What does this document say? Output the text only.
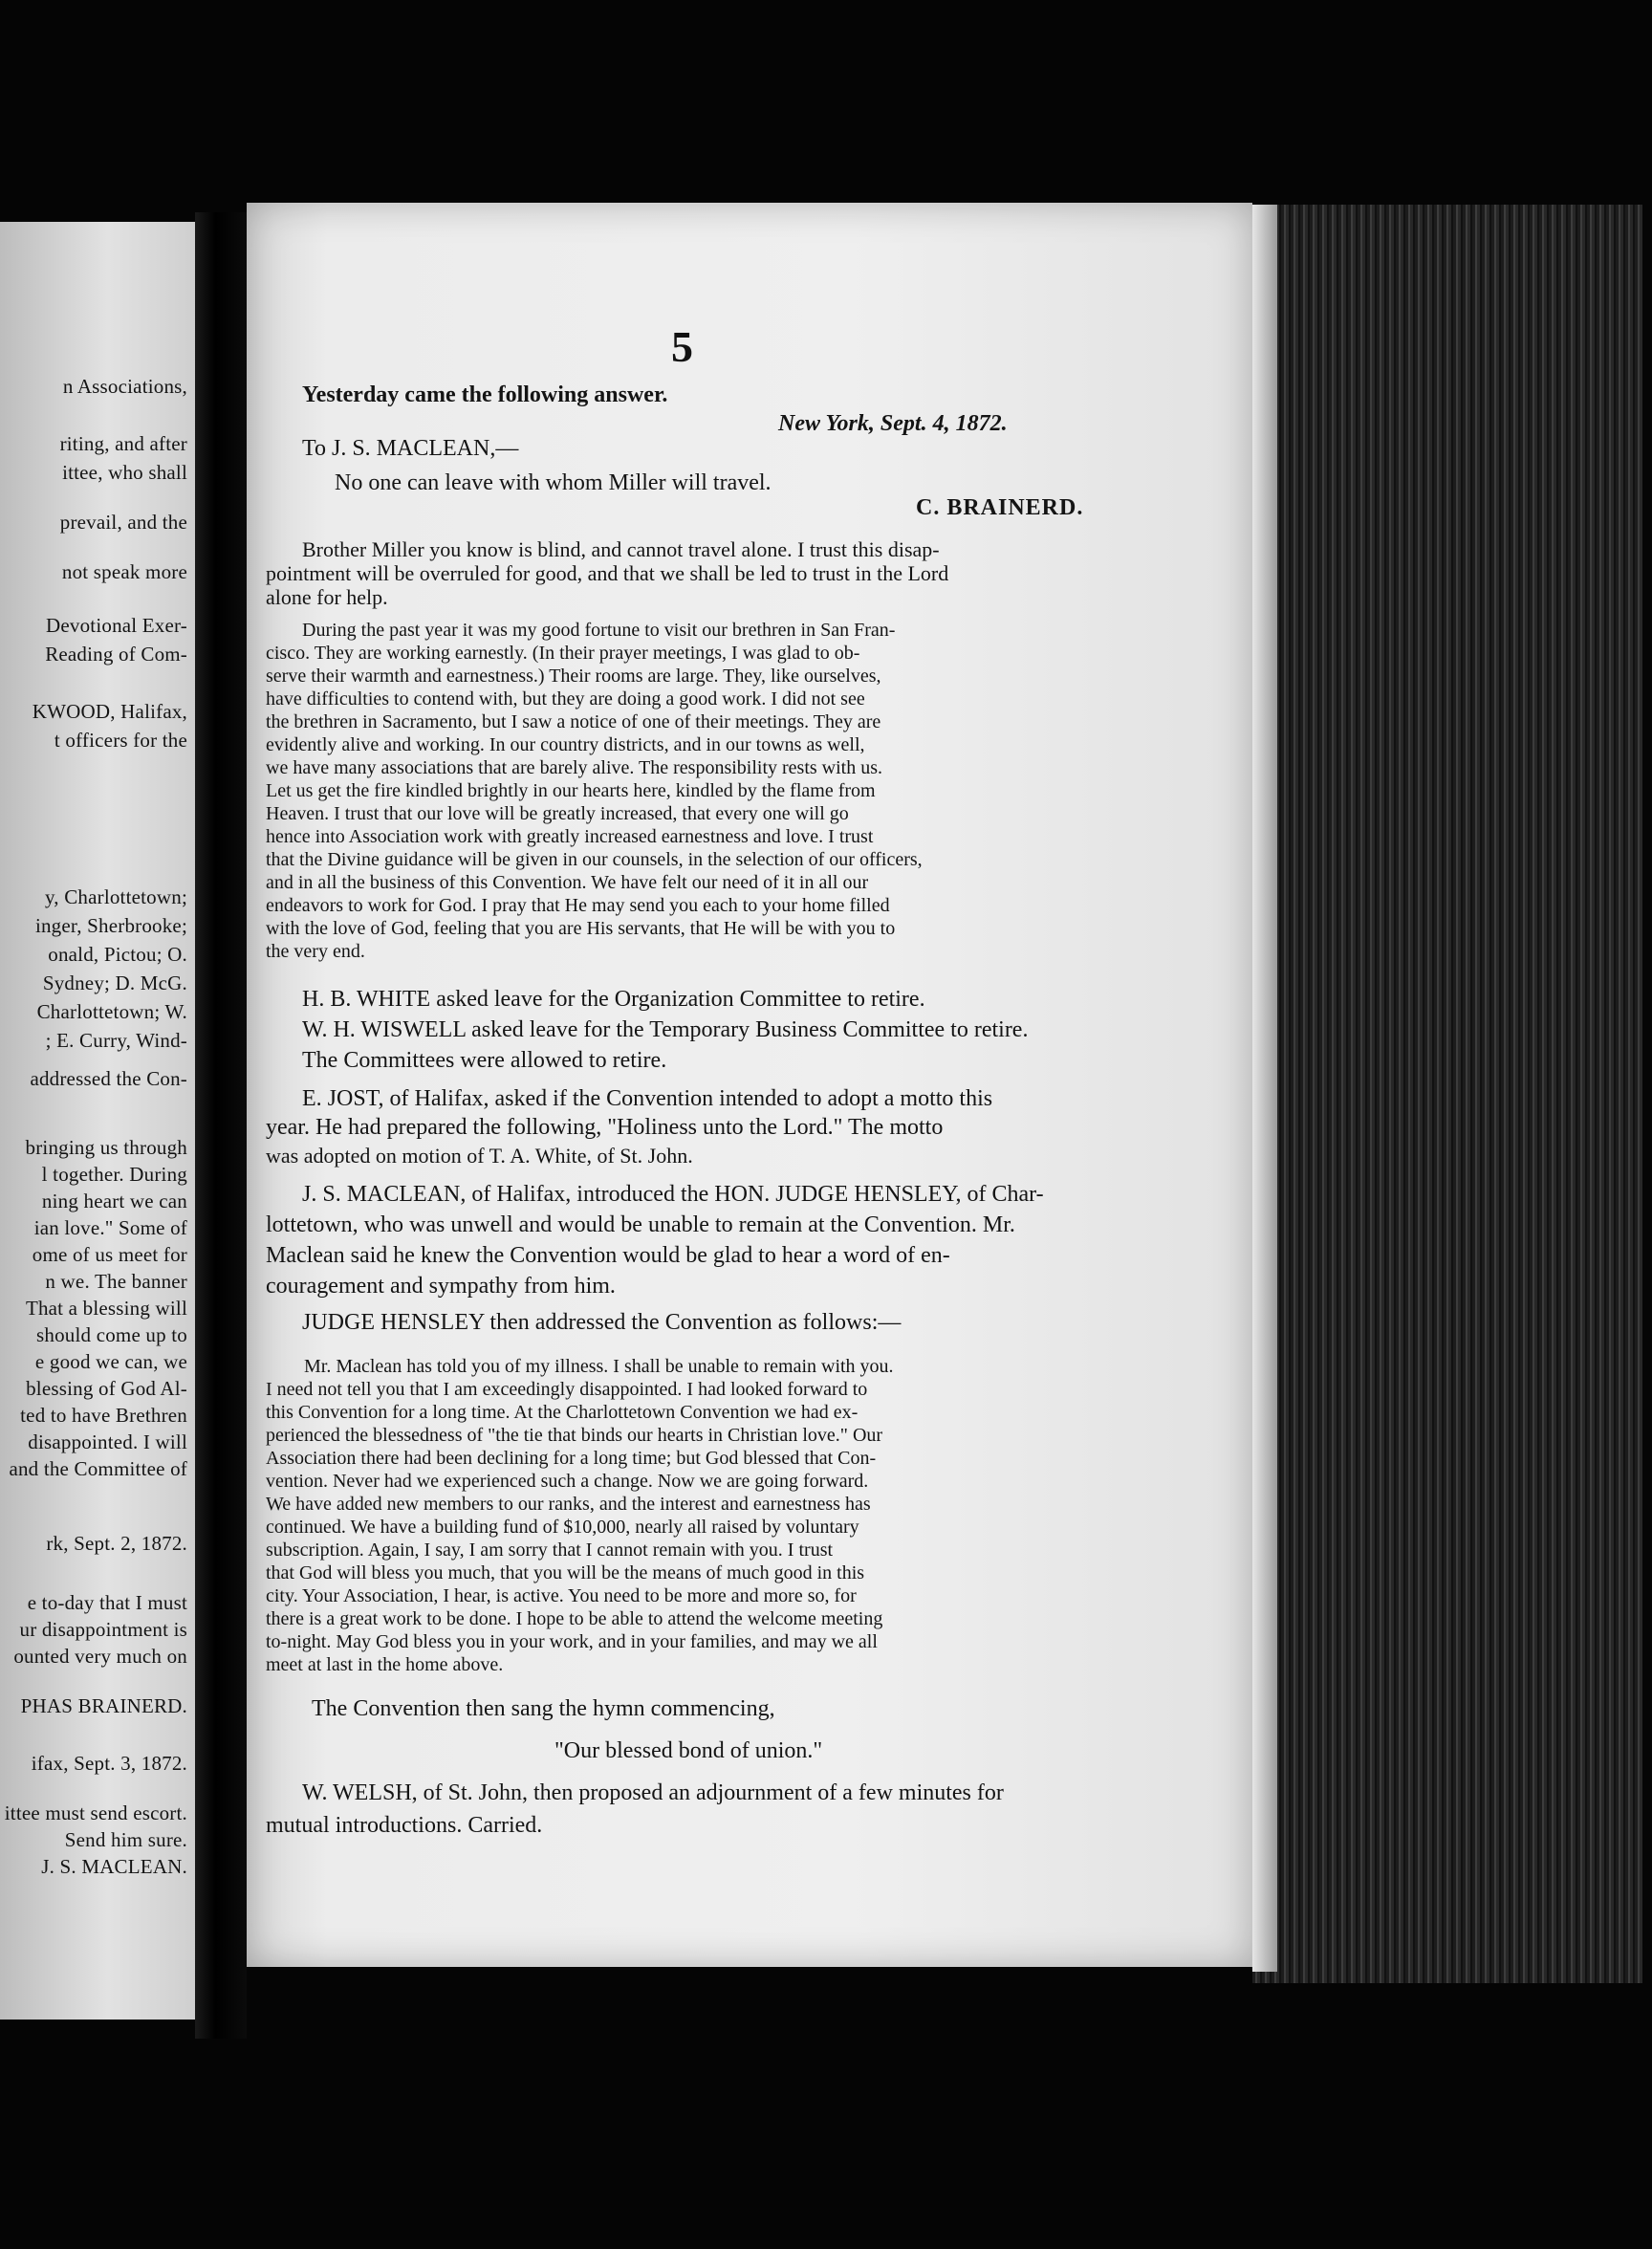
n Associations,
riting, and after
ittee, who shall
prevail, and the
not speak more
Devotional Exer-
Reading of Com-
KWOOD, Halifax,
t officers for the
y, Charlottetown;
inger, Sherbrooke;
onald, Pictou; O.
Sydney; D. McG.
Charlottetown; W.
; E. Curry, Wind-
addressed the Con-
bringing us through
l together. During
ning heart we can
ian love." Some of
ome of us meet for
n we. The banner
That a blessing will
should come up to
e good we can, we
blessing of God Al-
ted to have Brethren
disappointed. I will
and the Committee of
rk, Sept. 2, 1872.
e to-day that I must
ur disappointment is
ounted very much on
PHAS BRAINERD.
ifax, Sept. 3, 1872.
ittee must send escort.
Send him sure.
J. S. MACLEAN.
5
Yesterday came the following answer.
New York, Sept. 4, 1872.
To J. S. MACLEAN,—
No one can leave with whom Miller will travel.
C. BRAINERD.
Brother Miller you know is blind, and cannot travel alone. I trust this disap-
pointment will be overruled for good, and that we shall be led to trust in the Lord
alone for help.
During the past year it was my good fortune to visit our brethren in San Fran-
cisco. They are working earnestly. (In their prayer meetings, I was glad to ob-
serve their warmth and earnestness.) Their rooms are large. They, like ourselves,
have difficulties to contend with, but they are doing a good work. I did not see
the brethren in Sacramento, but I saw a notice of one of their meetings. They are
evidently alive and working. In our country districts, and in our towns as well,
we have many associations that are barely alive. The responsibility rests with us.
Let us get the fire kindled brightly in our hearts here, kindled by the flame from
Heaven. I trust that our love will be greatly increased, that every one will go
hence into Association work with greatly increased earnestness and love. I trust
that the Divine guidance will be given in our counsels, in the selection of our officers,
and in all the business of this Convention. We have felt our need of it in all our
endeavors to work for God. I pray that He may send you each to your home filled
with the love of God, feeling that you are His servants, that He will be with you to
the very end.
H. B. WHITE asked leave for the Organization Committee to retire.
W. H. WISWELL asked leave for the Temporary Business Committee to retire.
The Committees were allowed to retire.
E. JOST, of Halifax, asked if the Convention intended to adopt a motto this
year. He had prepared the following, "Holiness unto the Lord." The motto
was adopted on motion of T. A. White, of St. John.
J. S. MACLEAN, of Halifax, introduced the HON. JUDGE HENSLEY, of Char-
lottetown, who was unwell and would be unable to remain at the Convention. Mr.
Maclean said he knew the Convention would be glad to hear a word of en-
couragement and sympathy from him.
JUDGE HENSLEY then addressed the Convention as follows:—
Mr. Maclean has told you of my illness. I shall be unable to remain with you.
I need not tell you that I am exceedingly disappointed. I had looked forward to
this Convention for a long time. At the Charlottetown Convention we had ex-
perienced the blessedness of "the tie that binds our hearts in Christian love." Our
Association there had been declining for a long time; but God blessed that Con-
vention. Never had we experienced such a change. Now we are going forward.
We have added new members to our ranks, and the interest and earnestness has
continued. We have a building fund of $10,000, nearly all raised by voluntary
subscription. Again, I say, I am sorry that I cannot remain with you. I trust
that God will bless you much, that you will be the means of much good in this
city. Your Association, I hear, is active. You need to be more and more so, for
there is a great work to be done. I hope to be able to attend the welcome meeting
to-night. May God bless you in your work, and in your families, and may we all
meet at last in the home above.
The Convention then sang the hymn commencing,
"Our blessed bond of union."
W. WELSH, of St. John, then proposed an adjournment of a few minutes for
mutual introductions. Carried.
